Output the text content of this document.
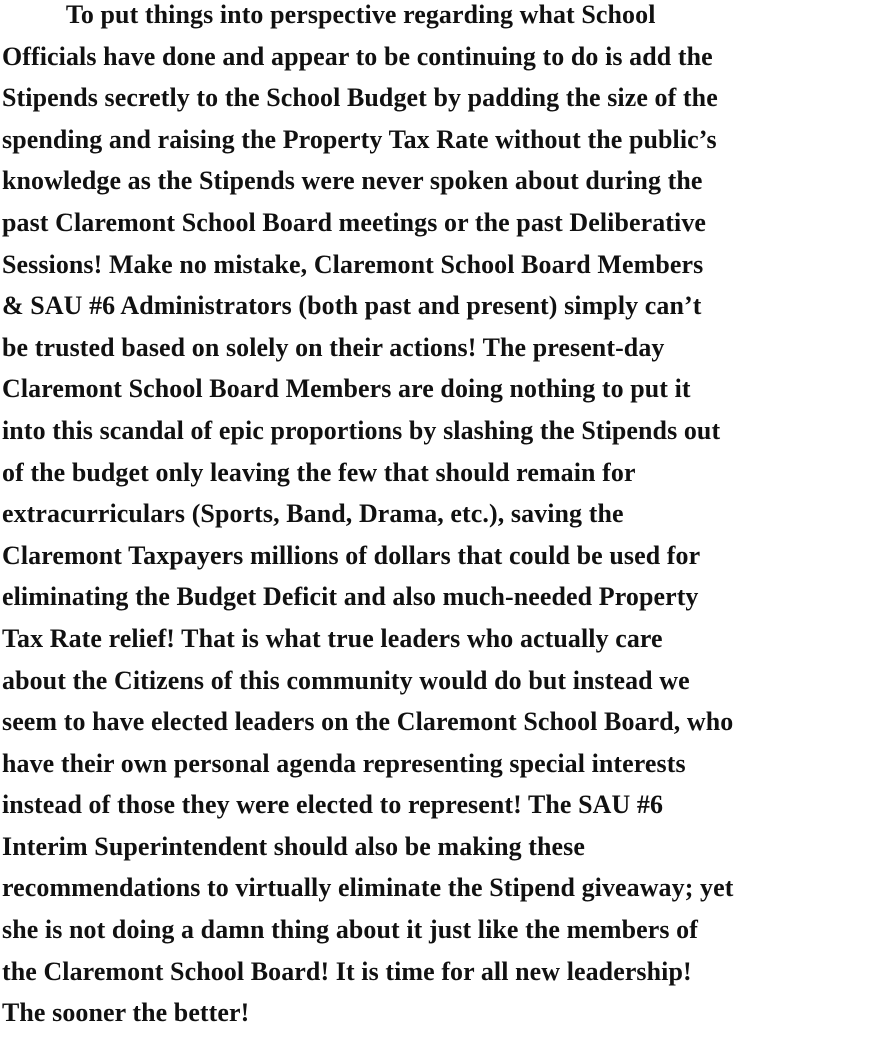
To put things into perspective regarding what School
Officials have done and appear to be continuing to do is add the
Stipends secretly to the School Budget by padding the size of the
spending and raising the Property Tax Rate without the public’s
knowledge as the Stipends were never spoken about during the
past Claremont School Board meetings or the past Deliberative
Sessions! Make no mistake, Claremont School Board Members
& SAU #6 Administrators (both past and present) simply can’t
be trusted based on solely on their actions! The present-day
Claremont School Board Members are doing nothing to put it
into this scandal of epic proportions by slashing the Stipends out
of the budget only leaving the few that should remain for
extracurriculars (Sports, Band, Drama, etc.), saving the
Claremont Taxpayers millions of dollars that could be used for
eliminating the Budget Deficit and also much-needed Property
Tax Rate relief! That is what true leaders who actually care
about the Citizens of this community would do but instead we
seem to have elected leaders on the Claremont School Board, who
have their own personal agenda representing special interests
instead of those they were elected to represent! The SAU #6
Interim Superintendent should also be making these
recommendations to virtually eliminate the Stipend giveaway; yet
she is not doing a damn thing about it just like the members of
the Claremont School Board! It is time for all new leadership!
The sooner the better!
